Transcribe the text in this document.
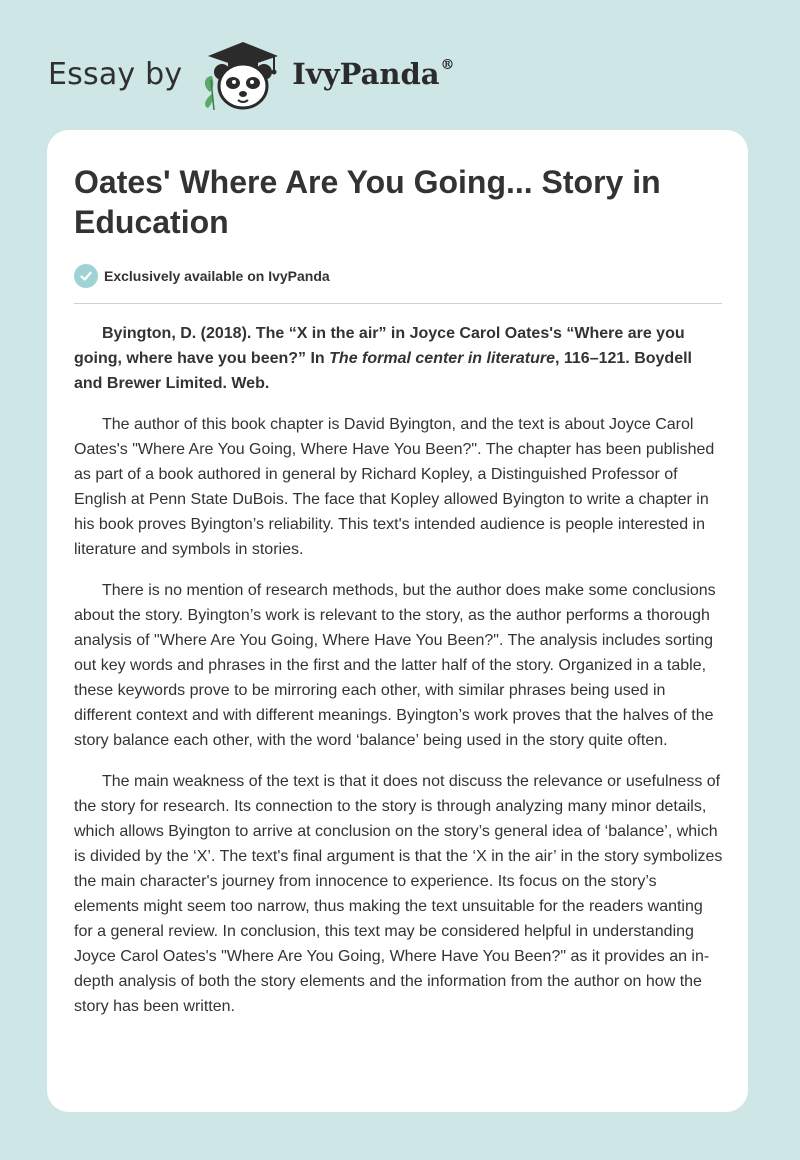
Essay by	IvyPanda®
Oates' Where Are You Going... Story in Education
Exclusively available on IvyPanda

Byington, D. (2018). The “X in the air” in Joyce Carol Oates's “Where are you going, where have you been?” In The formal center in literature, 116–121. Boydell and Brewer Limited. Web.

The author of this book chapter is David Byington, and the text is about Joyce Carol Oates's "Where Are You Going, Where Have You Been?". The chapter has been published as part of a book authored in general by Richard Kopley, a Distinguished Professor of English at Penn State DuBois. The face that Kopley allowed Byington to write a chapter in his book proves Byington’s reliability. This text's intended audience is people interested in literature and symbols in stories.

There is no mention of research methods, but the author does make some conclusions about the story. Byington’s work is relevant to the story, as the author performs a thorough analysis of "Where Are You Going, Where Have You Been?". The analysis includes sorting out key words and phrases in the first and the latter half of the story. Organized in a table, these keywords prove to be mirroring each other, with similar phrases being used in different context and with different meanings. Byington’s work proves that the halves of the story balance each other, with the word ‘balance’ being used in the story quite often.

The main weakness of the text is that it does not discuss the relevance or usefulness of the story for research. Its connection to the story is through analyzing many minor details, which allows Byington to arrive at conclusion on the story’s general idea of ‘balance’, which is divided by the ‘X’. The text's final argument is that the ‘X in the air’ in the story symbolizes the main character's journey from innocence to experience. Its focus on the story’s elements might seem too narrow, thus making the text unsuitable for the readers wanting for a general review. In conclusion, this text may be considered helpful in understanding Joyce Carol Oates's "Where Are You Going, Where Have You Been?" as it provides an in-depth analysis of both the story elements and the information from the author on how the story has been written.
